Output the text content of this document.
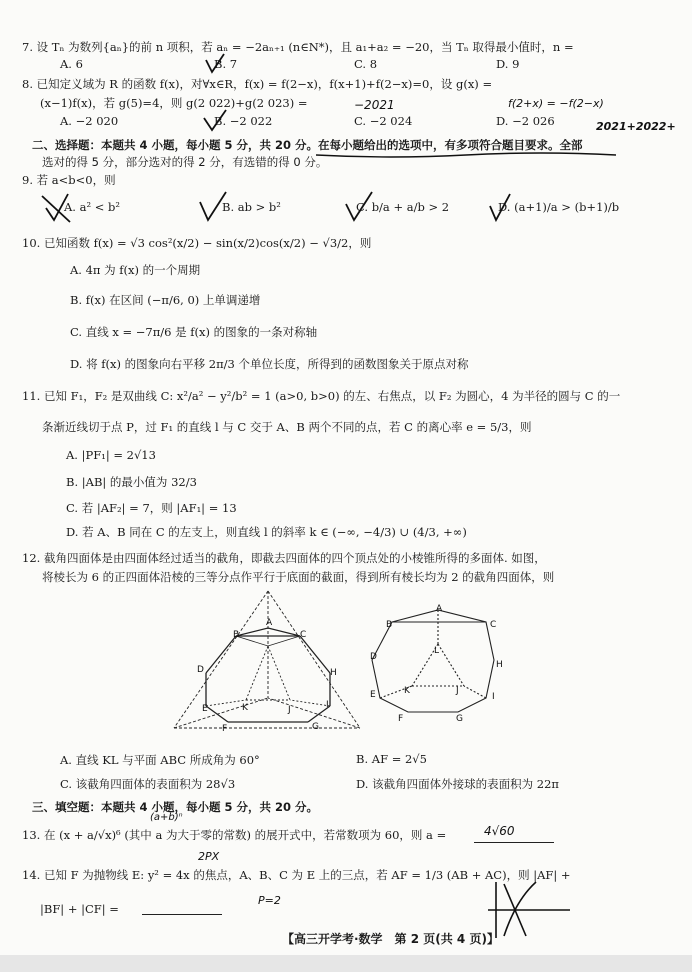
7. 设 Tₙ 为数列{aₙ}的前 n 项积，若 aₙ = −2aₙ₊₁ (n∈N*)，且 a₁+a₂ = −20，当 Tₙ 取得最小值时，n =
A. 6	B. 7	C. 8	D. 9
8. 已知定义域为 R 的函数 f(x)，对∀x∈R，f(x) = f(2−x)，f(x+1)+f(2−x)=0，设 g(x) =
(x−1)f(x)，若 g(5)=4，则 g(2 022)+g(2 023) =
A. −2 020	B. −2 022	C. −2 024	D. −2 026
−2021	f(2+x) = −f(2−x)
2021+2022+
二、选择题：本题共 4 小题，每小题 5 分，共 20 分。在每小题给出的选项中，有多项符合题目要求。全部
选对的得 5 分，部分选对的得 2 分，有选错的得 0 分。
9. 若 a<b<0，则
A. a² < b²	B. ab > b²	C. b/a + a/b > 2	D. (a+1)/a > (b+1)/b
10. 已知函数 f(x) = √3 cos²(x/2) − sin(x/2)cos(x/2) − √3/2，则
A. 4π 为 f(x) 的一个周期
B. f(x) 在区间 (−π/6, 0) 上单调递增
C. 直线 x = −7π/6 是 f(x) 的图象的一条对称轴
D. 将 f(x) 的图象向右平移 2π/3 个单位长度，所得到的函数图象关于原点对称
11. 已知 F₁，F₂ 是双曲线 C: x²/a² − y²/b² = 1 (a>0, b>0) 的左、右焦点，以 F₂ 为圆心，4 为半径的圆与 C 的一
条渐近线切于点 P，过 F₁ 的直线 l 与 C 交于 A、B 两个不同的点，若 C 的离心率 e = 5/3，则
A. |PF₁| = 2√13
B. |AB| 的最小值为 32/3
C. 若 |AF₂| = 7，则 |AF₁| = 13
D. 若 A、B 同在 C 的左支上，则直线 l 的斜率 k ∈ (−∞, −4/3) ∪ (4/3, +∞)
12. 截角四面体是由四面体经过适当的截角，即截去四面体的四个顶点处的小棱锥所得的多面体. 如图，
将棱长为 6 的正四面体沿棱的三等分点作平行于底面的截面，得到所有棱长均为 2 的截角四面体，则
B	C
A
D	H
E	I
K	J
F	G
A
B	C
D
H
L
E	I
K	J
F	G
A. 直线 KL 与平面 ABC 所成角为 60°	B. AF = 2√5
C. 该截角四面体的表面积为 28√3	D. 该截角四面体外接球的表面积为 22π
三、填空题：本题共 4 小题，每小题 5 分，共 20 分。
(a+b)ⁿ
13. 在 (x + a/√x)⁶ (其中 a 为大于零的常数) 的展开式中，若常数项为 60，则 a =	4√60
2PX
14. 已知 F 为抛物线 E: y² = 4x 的焦点，A、B、C 为 E 上的三点，若 AF = 1/3 (AB + AC)，则 |AF| +
|BF| + |CF| =
P=2
【高三开学考·数学　第 2 页(共 4 页)】
